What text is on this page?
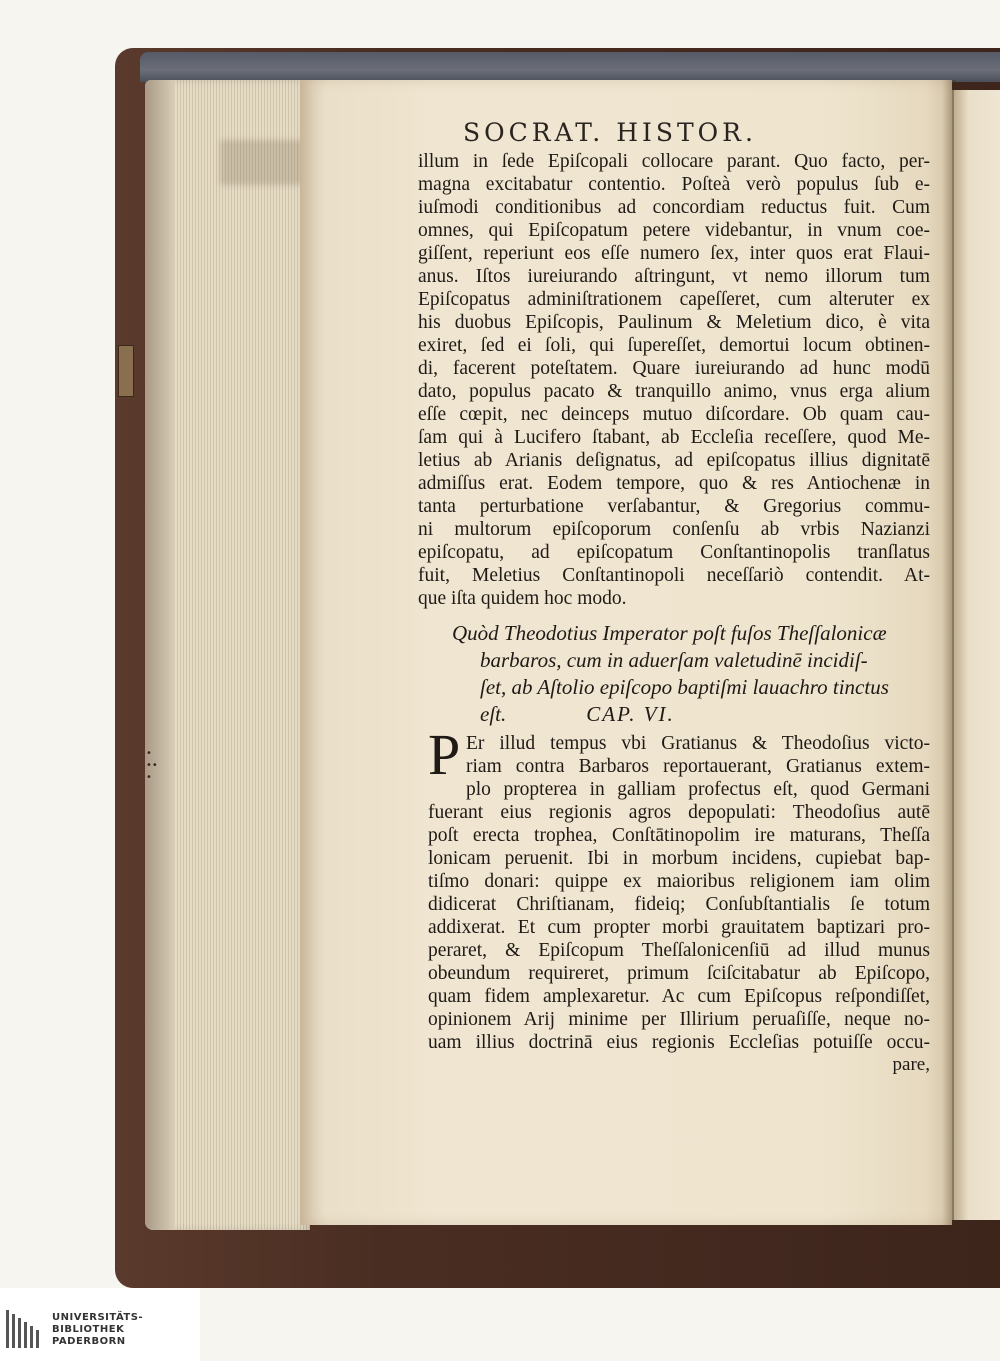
•
••
•
SOCRAT. HISTOR.
illum in ſede Epiſcopali collocare parant. Quo facto, per-
magna excitabatur contentio. Poſteà verò populus ſub e-
iuſmodi conditionibus ad concordiam reductus fuit. Cum
omnes, qui Epiſcopatum petere videbantur, in vnum coe-
giſſent, reperiunt eos eſſe numero ſex, inter quos erat Flaui-
anus. Iſtos iureiurando aſtringunt, vt nemo illorum tum
Epiſcopatus adminiſtrationem capeſſeret, cum alteruter ex
his duobus Epiſcopis, Paulinum & Meletium dico, è vita
exiret, ſed ei ſoli, qui ſupereſſet, demortui locum obtinen-
di, facerent poteſtatem. Quare iureiurando ad hunc modū
dato, populus pacato & tranquillo animo, vnus erga alium
eſſe cœpit, nec deinceps mutuo diſcordare. Ob quam cau-
ſam qui à Lucifero ſtabant, ab Eccleſia receſſere, quod Me-
letius ab Arianis deſignatus, ad epiſcopatus illius dignitatē
admiſſus erat. Eodem tempore, quo & res Antiochenæ in
tanta perturbatione verſabantur, & Gregorius commu-
ni multorum epiſcoporum conſenſu ab vrbis Nazianzi
epiſcopatu, ad epiſcopatum Conſtantinopolis tranſlatus
fuit, Meletius Conſtantinopoli neceſſariò contendit. At-
que iſta quidem hoc modo.
Quòd Theodotius Imperator poſt fuſos Theſſalonicæ
barbaros, cum in aduerſam valetudinē incidiſ-
ſet, ab Aſtolio epiſcopo baptiſmi lauachro tinctus
eſt.	CAP. VI.
P Er illud tempus vbi Gratianus & Theodoſius victo-
riam contra Barbaros reportauerant, Gratianus extem-
plo propterea in galliam profectus eſt, quod Germani
fuerant eius regionis agros depopulati: Theodoſius autē
poſt erecta trophea, Conſtātinopolim ire maturans, Theſſa
lonicam peruenit. Ibi in morbum incidens, cupiebat bap-
tiſmo donari: quippe ex maioribus religionem iam olim
didicerat Chriſtianam, fideiq; Conſubſtantialis ſe totum
addixerat. Et cum propter morbi grauitatem baptizari pro-
peraret, & Epiſcopum Theſſalonicenſiū ad illud munus
obeundum requireret, primum ſciſcitabatur ab Epiſcopo,
quam fidem amplexaretur. Ac cum Epiſcopus reſpondiſſet,
opinionem Arij minime per Illirium peruaſiſſe, neque no-
uam illius doctrinā eius regionis Eccleſias potuiſſe occu-
pare,
UNIVERSITÄTS-
BIBLIOTHEK
PADERBORN
